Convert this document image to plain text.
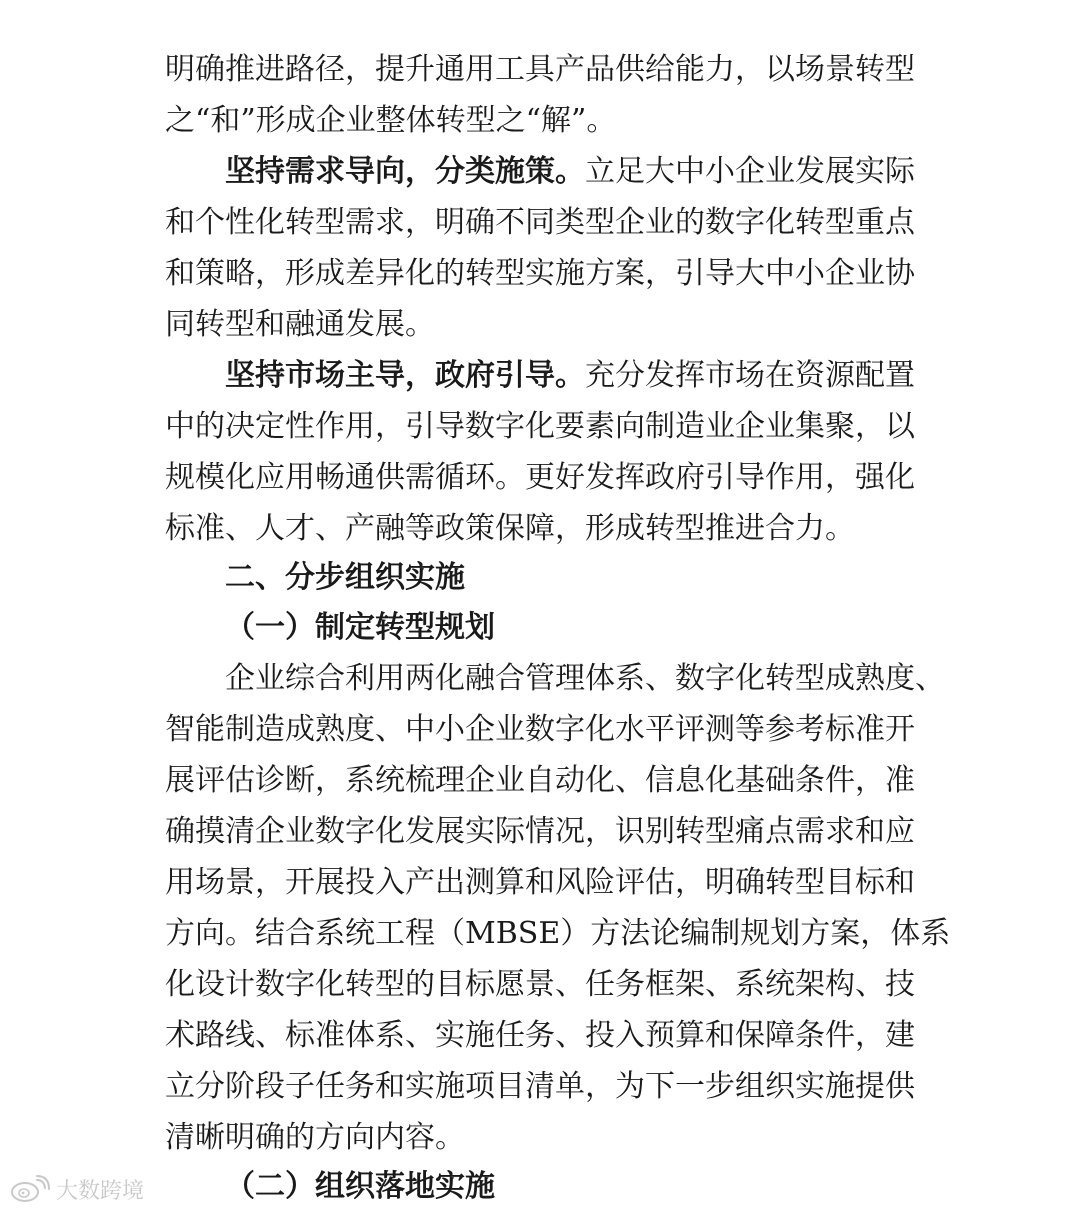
明确推进路径，提升通用工具产品供给能力，以场景转型
之“和”形成企业整体转型之“解”。
坚持需求导向，分类施策。立足大中小企业发展实际
和个性化转型需求，明确不同类型企业的数字化转型重点
和策略，形成差异化的转型实施方案，引导大中小企业协
同转型和融通发展。
坚持市场主导，政府引导。充分发挥市场在资源配置
中的决定性作用，引导数字化要素向制造业企业集聚，以
规模化应用畅通供需循环。更好发挥政府引导作用，强化
标准、人才、产融等政策保障，形成转型推进合力。
二、分步组织实施
（一）制定转型规划
企业综合利用两化融合管理体系、数字化转型成熟度、
智能制造成熟度、中小企业数字化水平评测等参考标准开
展评估诊断，系统梳理企业自动化、信息化基础条件，准
确摸清企业数字化发展实际情况，识别转型痛点需求和应
用场景，开展投入产出测算和风险评估，明确转型目标和
方向。结合系统工程（MBSE）方法论编制规划方案，体系
化设计数字化转型的目标愿景、任务框架、系统架构、技
术路线、标准体系、实施任务、投入预算和保障条件，建
立分阶段子任务和实施项目清单，为下一步组织实施提供
清晰明确的方向内容。
（二）组织落地实施
大数跨境
